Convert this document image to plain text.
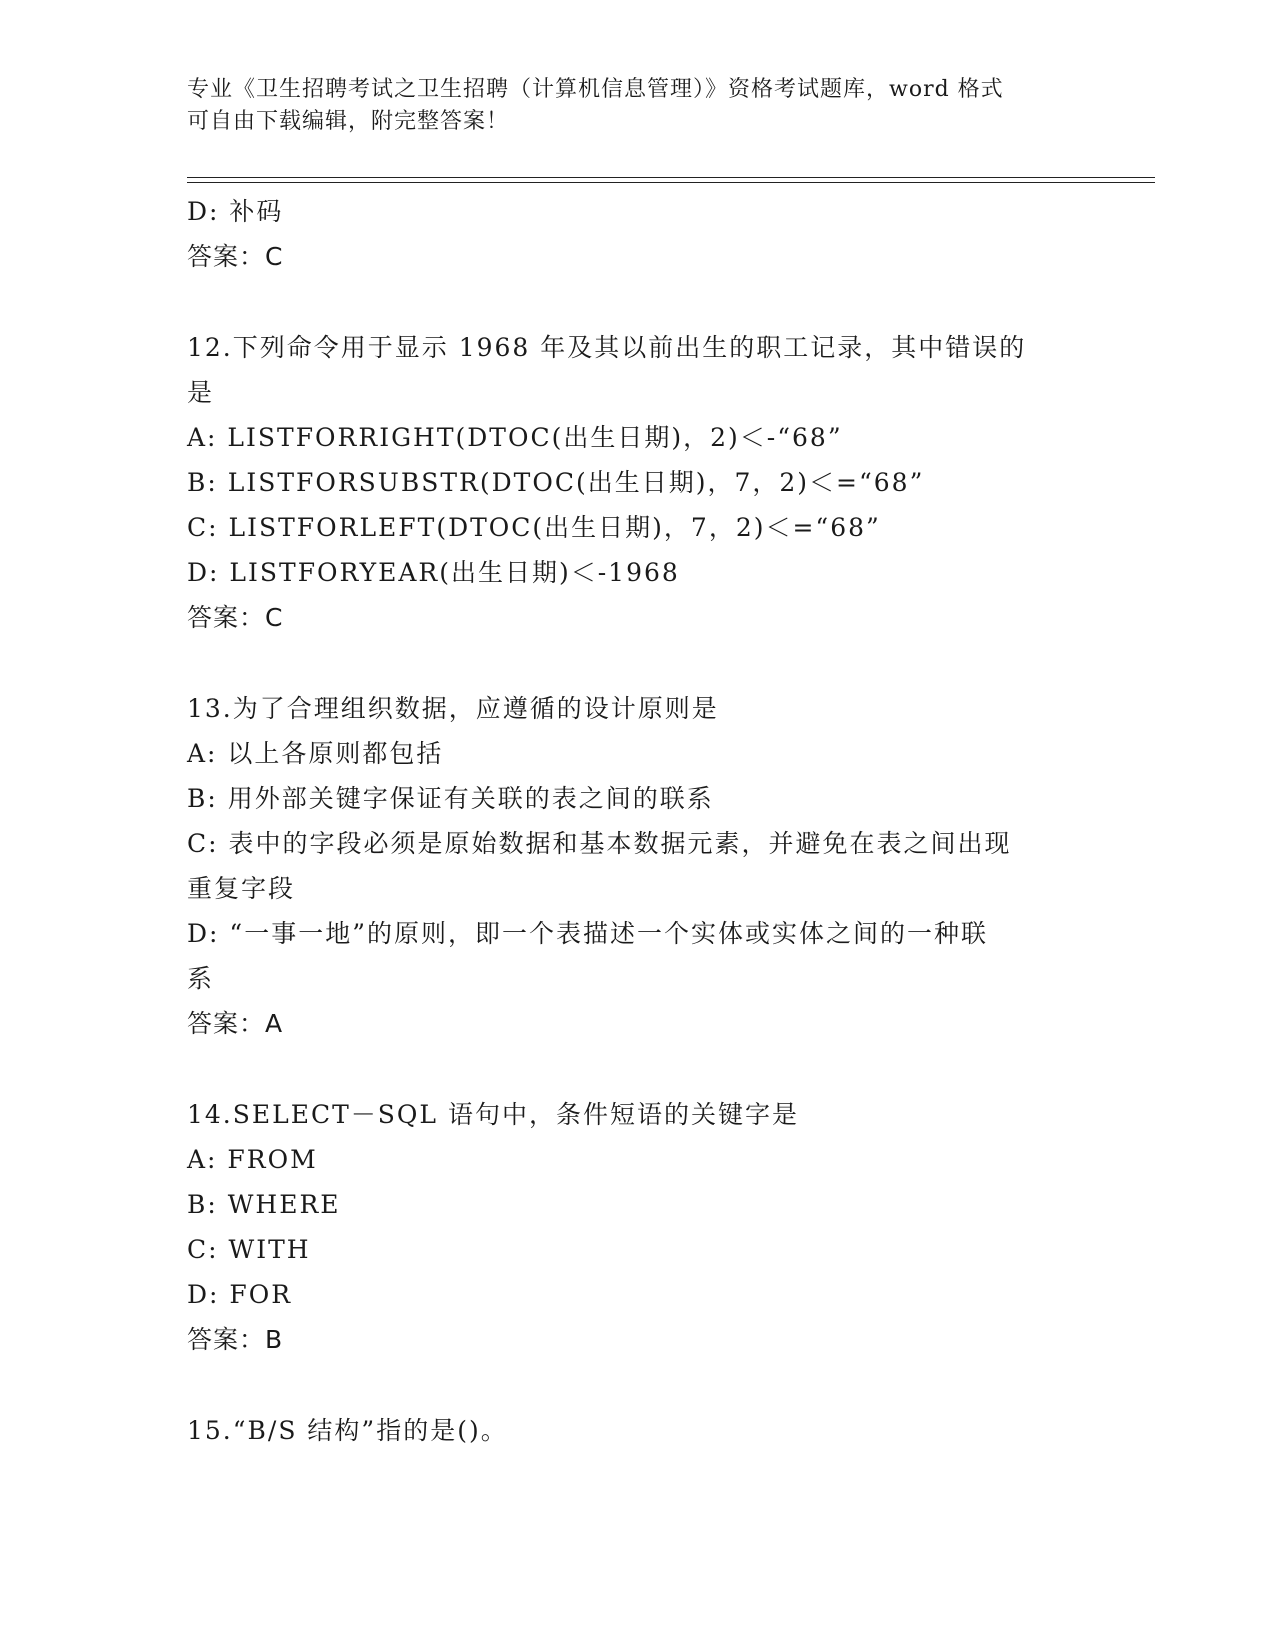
专业《卫生招聘考试之卫生招聘（计算机信息管理）》资格考试题库，word 格式
可自由下载编辑，附完整答案！
D: 补码
答案：C
12.下列命令用于显示 1968 年及其以前出生的职工记录，其中错误的
是
A: LISTFORRIGHT(DTOC(出生日期)，2)＜-“68”
B: LISTFORSUBSTR(DTOC(出生日期)，7，2)＜=“68”
C: LISTFORLEFT(DTOC(出生日期)，7，2)＜=“68”
D: LISTFORYEAR(出生日期)＜-1968
答案：C
13.为了合理组织数据，应遵循的设计原则是
A: 以上各原则都包括
B: 用外部关键字保证有关联的表之间的联系
C: 表中的字段必须是原始数据和基本数据元素，并避免在表之间出现
重复字段
D: “一事一地”的原则，即一个表描述一个实体或实体之间的一种联
系
答案：A
14.SELECT－SQL 语句中，条件短语的关键字是
A: FROM
B: WHERE
C: WITH
D: FOR
答案：B
15.“B/S 结构”指的是()。
